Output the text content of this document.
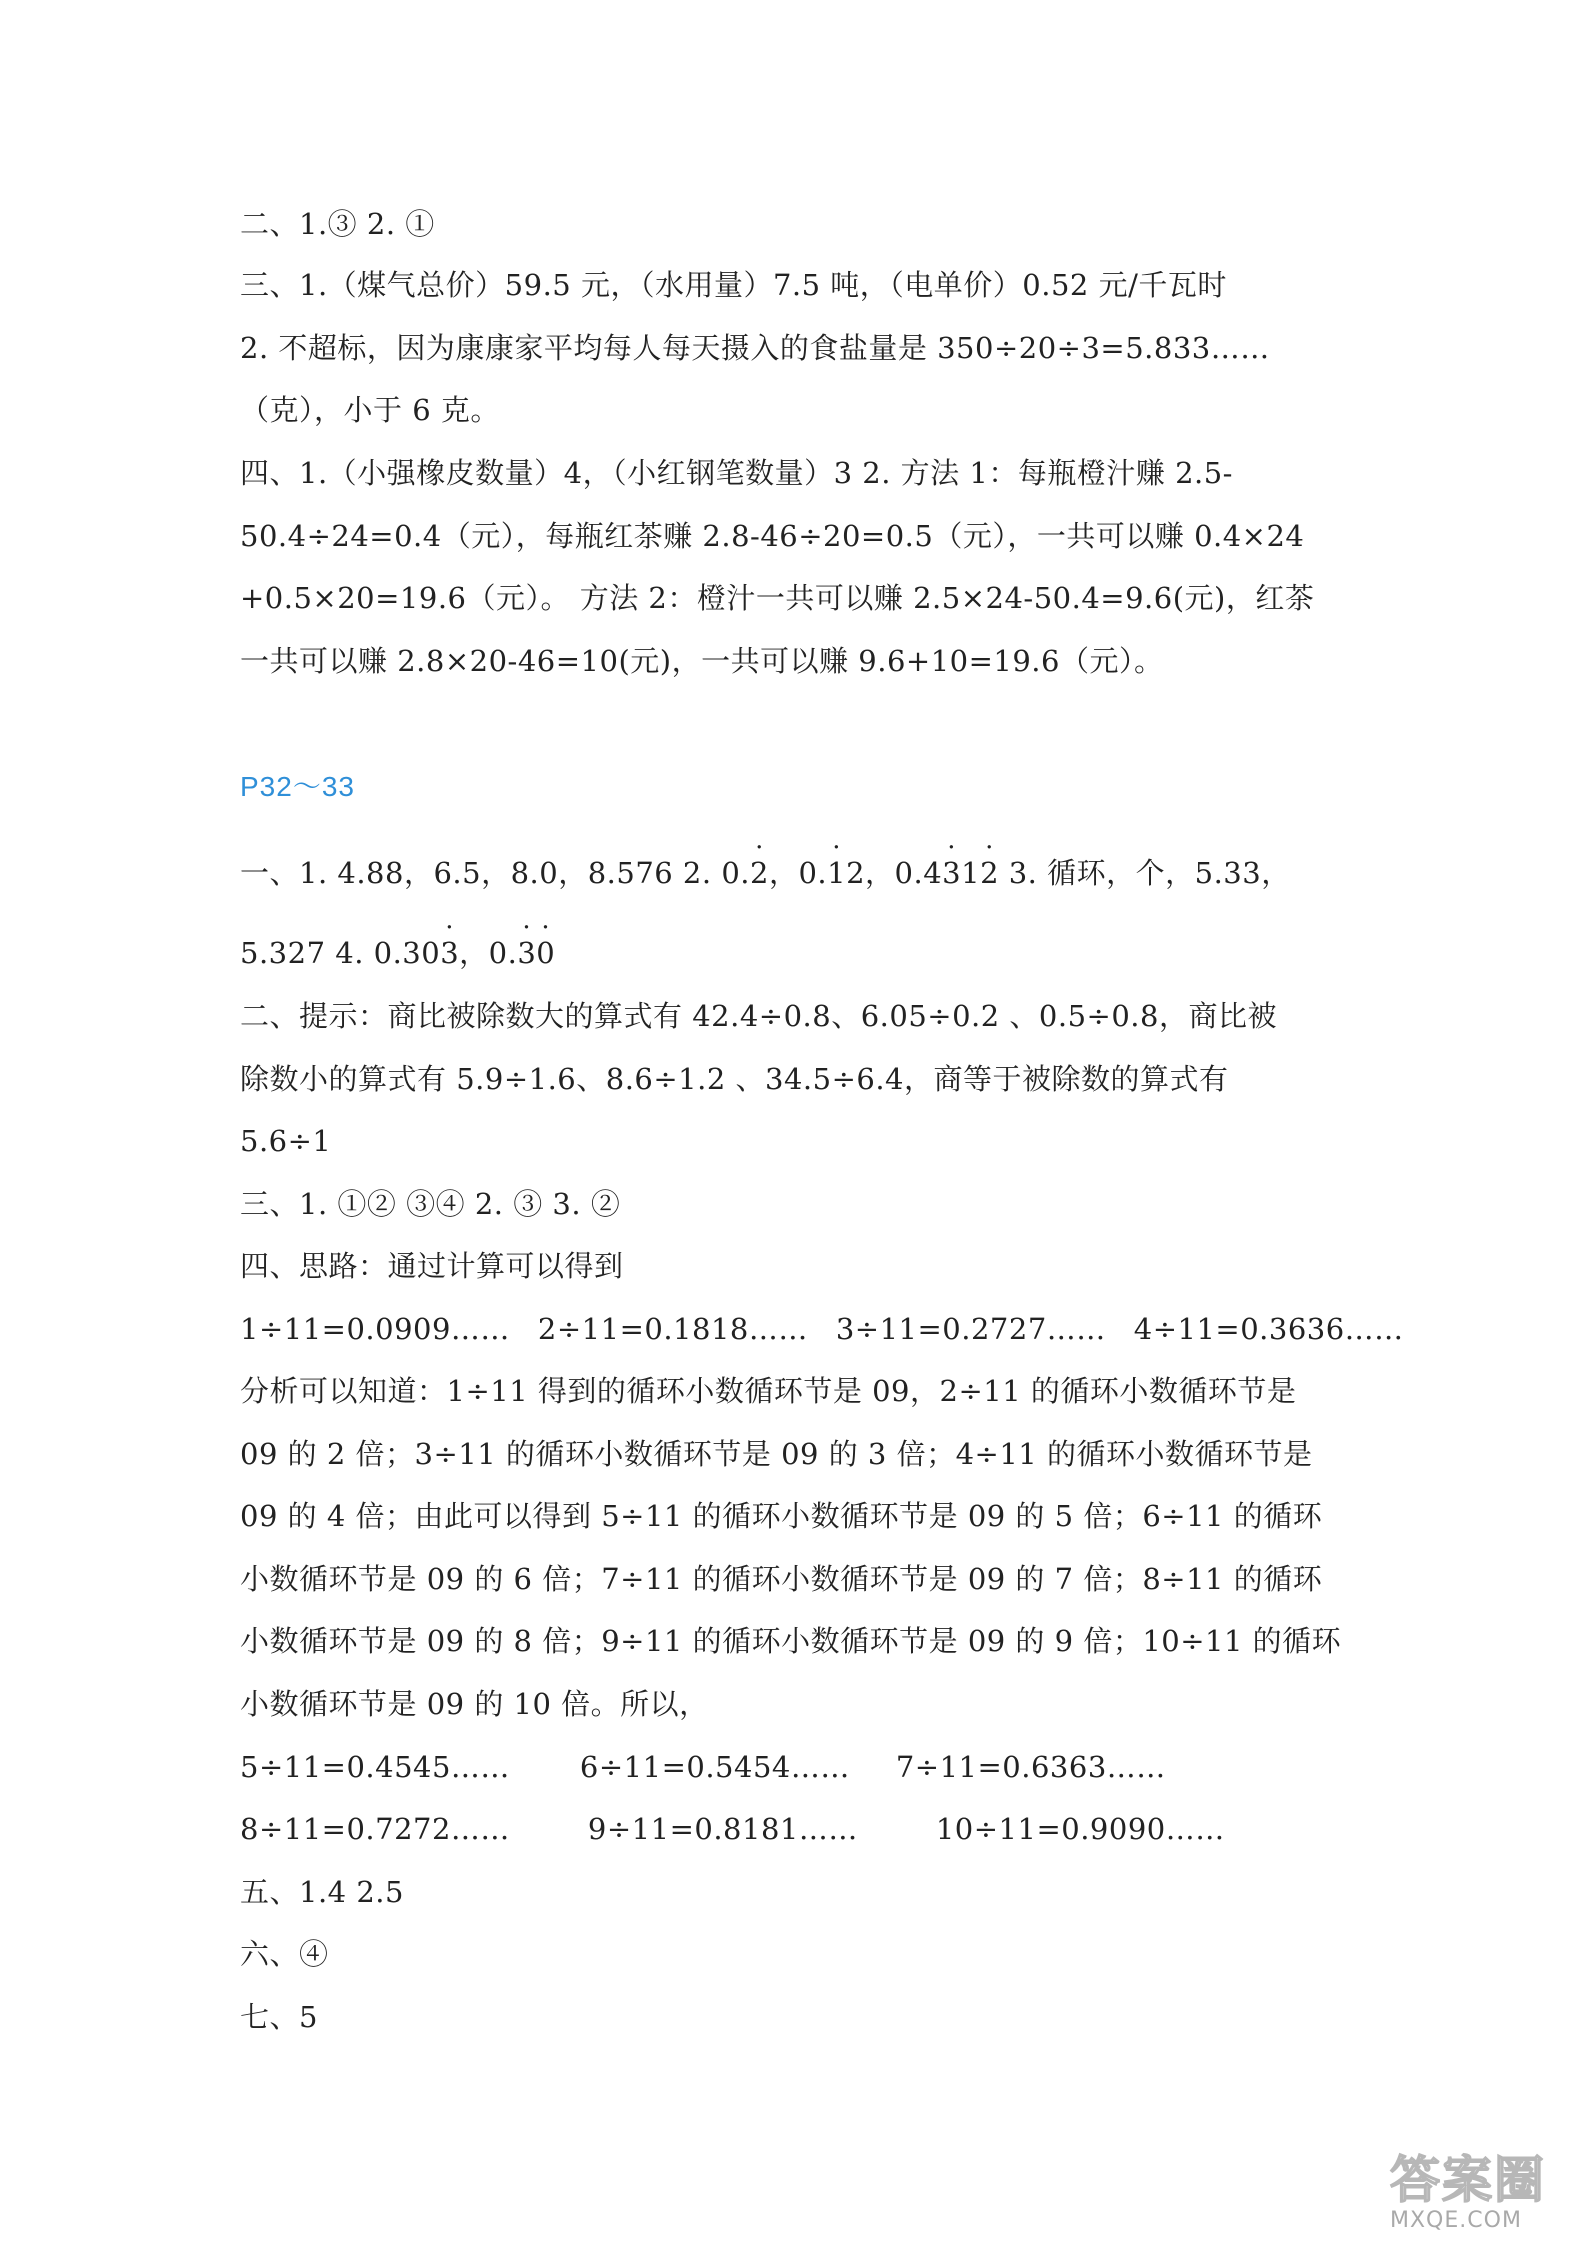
二、1.③ 2. ①
三、1.（煤气总价）59.5 元，（水用量）7.5 吨，（电单价）0.52 元/千瓦时
2. 不超标，因为康康家平均每人每天摄入的食盐量是 350÷20÷3=5.833……
（克），小于 6 克。
四、1.（小强橡皮数量）4，（小红钢笔数量）3 2. 方法 1：每瓶橙汁赚 2.5-
50.4÷24=0.4（元），每瓶红茶赚 2.8-46÷20=0.5（元），一共可以赚 0.4×24
+0.5×20=19.6（元）。 方法 2：橙汁一共可以赚 2.5×24-50.4=9.6(元)，红茶
一共可以赚 2.8×20-46=10(元)，一共可以赚 9.6+10=19.6（元）。
P32～33
一、1. 4.88，6.5，8.0，8.576 2. 0.· 2，0.· 12，0.4· 31· 2 3. 循环，个，5.33，
5.327 4. 0.30· 3，0.· 3· 0
二、提示：商比被除数大的算式有 42.4÷0.8、6.05÷0.2 、0.5÷0.8，商比被
除数小的算式有 5.9÷1.6、8.6÷1.2 、34.5÷6.4，商等于被除数的算式有
5.6÷1
三、1. ①② ③④ 2. ③ 3. ②
四、思路：通过计算可以得到
1÷11=0.0909…… 2÷11=0.1818…… 3÷11=0.2727…… 4÷11=0.3636……
分析可以知道：1÷11 得到的循环小数循环节是 09，2÷11 的循环小数循环节是
09 的 2 倍；3÷11 的循环小数循环节是 09 的 3 倍；4÷11 的循环小数循环节是
09 的 4 倍；由此可以得到 5÷11 的循环小数循环节是 09 的 5 倍；6÷11 的循环
小数循环节是 09 的 6 倍；7÷11 的循环小数循环节是 09 的 7 倍；8÷11 的循环
小数循环节是 09 的 8 倍；9÷11 的循环小数循环节是 09 的 9 倍；10÷11 的循环
小数循环节是 09 的 10 倍。所以，
5÷11=0.4545…… 6÷11=0.5454…… 7÷11=0.6363……
8÷11=0.7272……	9÷11=0.8181……	10÷11=0.9090……
五、1.4 2.5
六、④
七、5
答案圈
MXQE.COM
